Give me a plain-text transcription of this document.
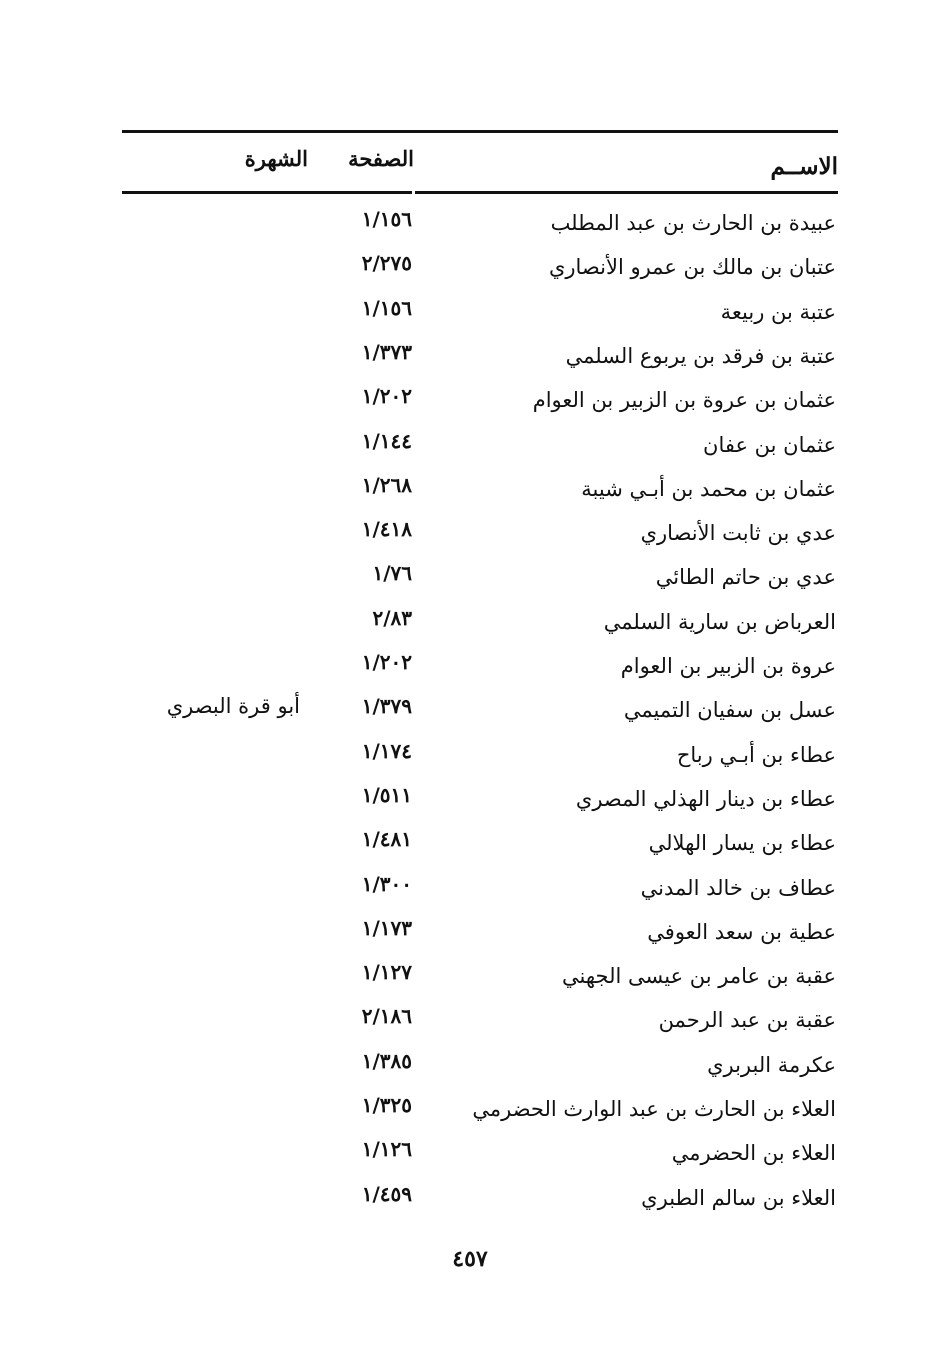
الاســم
الصفحة
الشهرة
عبيدة بن الحارث بن عبد المطلب
١/١٥٦
عتبان بن مالك بن عمرو الأنصاري
٢/٢٧٥
عتبة بن ربيعة
١/١٥٦
عتبة بن فرقد بن يربوع السلمي
١/٣٧٣
عثمان بن عروة بن الزبير بن العوام
١/٢٠٢
عثمان بن عفان
١/١٤٤
عثمان بن محمد بن أبـي شيبة
١/٢٦٨
عدي بن ثابت الأنصاري
١/٤١٨
عدي بن حاتم الطائي
١/٧٦
العرباض بن سارية السلمي
٢/٨٣
عروة بن الزبير بن العوام
١/٢٠٢
عسل بن سفيان التميمي
١/٣٧٩
أبو قرة البصري
عطاء بن أبـي رباح
١/١٧٤
عطاء بن دينار الهذلي المصري
١/٥١١
عطاء بن يسار الهلالي
١/٤٨١
عطاف بن خالد المدني
١/٣٠٠
عطية بن سعد العوفي
١/١٧٣
عقبة بن عامر بن عيسى الجهني
١/١٢٧
عقبة بن عبد الرحمن
٢/١٨٦
عكرمة البربري
١/٣٨٥
العلاء بن الحارث بن عبد الوارث الحضرمي
١/٣٢٥
العلاء بن الحضرمي
١/١٢٦
العلاء بن سالم الطبري
١/٤٥٩
٤٥٧
